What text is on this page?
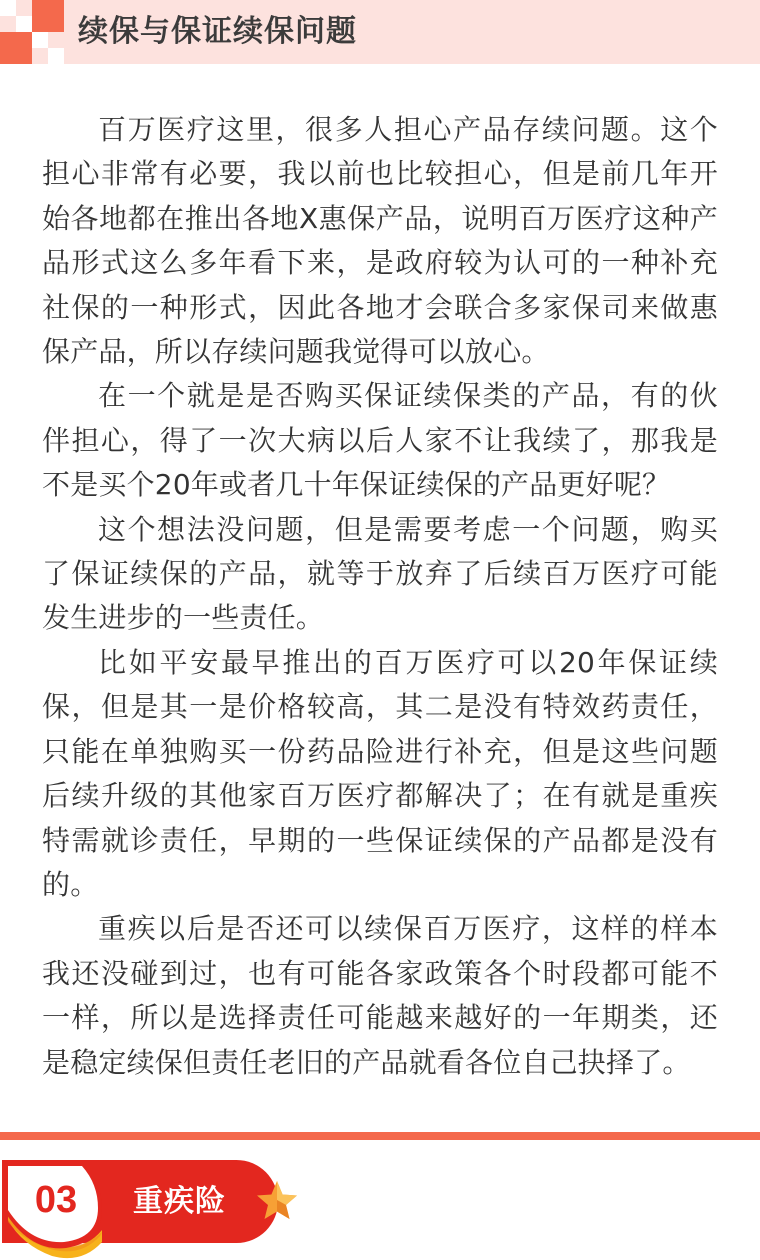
续保与保证续保问题

百万医疗这里，很多人担心产品存续问题。这个担心非常有必要，我以前也比较担心，但是前几年开始各地都在推出各地X惠保产品，说明百万医疗这种产品形式这么多年看下来，是政府较为认可的一种补充社保的一种形式，因此各地才会联合多家保司来做惠保产品，所以存续问题我觉得可以放心。

在一个就是是否购买保证续保类的产品，有的伙伴担心，得了一次大病以后人家不让我续了，那我是不是买个20年或者几十年保证续保的产品更好呢？

这个想法没问题，但是需要考虑一个问题，购买了保证续保的产品，就等于放弃了后续百万医疗可能发生进步的一些责任。

比如平安最早推出的百万医疗可以20年保证续保，但是其一是价格较高，其二是没有特效药责任，只能在单独购买一份药品险进行补充，但是这些问题后续升级的其他家百万医疗都解决了；在有就是重疾特需就诊责任，早期的一些保证续保的产品都是没有的。

重疾以后是否还可以续保百万医疗，这样的样本我还没碰到过，也有可能各家政策各个时段都可能不一样，所以是选择责任可能越来越好的一年期类，还是稳定续保但责任老旧的产品就看各位自己抉择了。

03	重疾险
